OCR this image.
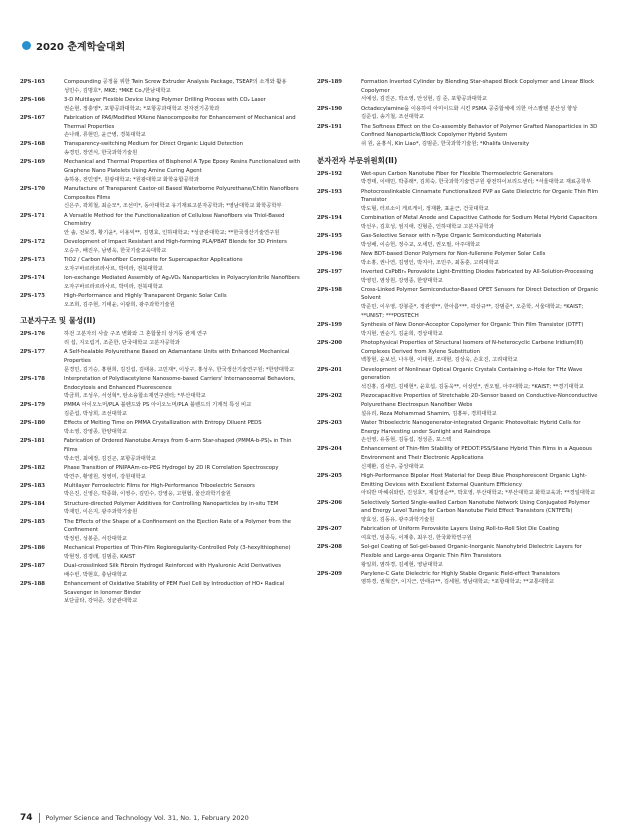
2020 춘계학술대회
2PS-165	Compounding 공정을 위한 Twin Screw Extruder Analysis Package, TSEAP의 소개와 활용
성민수, 김명호*, MKE; *MKE Co./한남대학교
2PS-166	3-D Multilayer Flexible Device Using Polymer Drilling Process with CO₂ Laser
권순현, 정충영*, 포항공과대학교; *포항공과대학교 전자전기공학과
2PS-167	Fabrication of PA6/Modified MXene Nanocomposite for Enhancement of Mechanical and Thermal Properties
손나래, 류현민, 윤근병, 경북대학교
2PS-168	Transparency-switching Medium for Direct Organic Liquid Detection
송경민, 장연식, 한국과학기술원
2PS-169	Mechanical and Thermal Properties of Bisphenol A Type Epoxy Resins Functionalized with Graphene Nano Platelets Using Amine Curing Agent
송하용, 전민영*, 원광대학교; *원광대학교 화학융합공학과
2PS-170	Manufacture of Transparent Castor-oil Based Waterborne Polyurethane/Chitin Nanofibers Composites Films
신은주, 곽희철, 최순모*, 조선미*, 동아대학교 유기재료고분자공학과; *영남대학교 화학공학부
2PS-171	A Versatile Method for the Functionalization of Cellulose Nanofibers via Thiol-Based Chemistry
안 솔, 전보경, 황기윤*, 이용익**, 김명효, 인하대학교; *성균관대학교; **한국생산기술연구원
2PS-172	Development of Impact Resistant and High-forming PLA/PBAT Blends for 3D Printers
오승주, 배진우, 남병욱, 한국기술교육대학교
2PS-173	TiO2 / Carbon Nanofiber Composite for Supercapacitor Applications
오자구바르라르라사르, 박미라, 전북대학교
2PS-174	Ion-exchange Mediated Assembly of Ag₃VO₄ Nanoparticles in Polyacrylonitrile Nanofibers
오자구바르라르라사르, 박미라, 전북대학교
2PS-175	High-Performance and Highly Transparent Organic Solar Cells
오조희, 김주현, 기태윤, 이광희, 광주과학기술원
고분자구조 및 물성(II)
2PS-176	하전 고분자의 사슬 구조 변화와 그 혼합물의 상거동 관계 연구
리 섭, 지오림거, 조준한, 단국대학교 고분자공학과
2PS-177	A Self-healable Polyurethane Based on Adamantane Units with Enhanced Mechanical Properties
문경민, 김기승, 홍현희, 김진섭, 김태용, 고민재*, 이상구, 홍성우, 한국생산기술연구원; *한양대학교
2PS-178	Interpretation of Polydiacetylene Nanosome-based Carriers' Internanosomal Behaviors, Endocytosis and Enhanced Fluorescence
박금희, 조성우, 서성혁*, 탄소융합소재연구센터; *부산대학교
2PS-179	PMMA 아이오노머/PLA 블렌드와 PS 아이오노머/PLA 블렌드의 기계적 특성 비교
김준섭, 박성희, 조선대학교
2PS-180	Effects of Melting Time on PMMA Crystallization with Entropy Diluent PEDS
박소영, 강영종, 한양대학교
2PS-181	Fabrication of Ordered Nanotube Arrays from 6-arm Star-shaped (PMMA-b-PS)₆ in Thin Films
박소연, 최예정, 김진곤, 포항공과대학교
2PS-182	Phase Transition of PNIPAAm-co-PEG Hydrogel by 2D IR Correlation Spectroscopy
박연주, 황영원, 정영미, 강원대학교
2PS-183	Multilayer Ferroelectric Films for High-Performance Triboelectric Sensors
박은진, 신영은, 박종화, 이영수, 김민수, 강영웅, 고현협, 울산과학기술원
2PS-184	Structure-directed Polymer Additives for Controlling Nanoparticles by in-situ TEM
박재민, 이은지, 광주과학기술원
2PS-185	The Effects of the Shape of a Confinement on the Ejection Rate of a Polymer from the Confinement
박정빈, 성봉준, 서강대학교
2PS-186	Mechanical Properties of Thin-Film Regioregularity-Controlled Poly (3-hexylthiophene)
박현정, 김경래, 김범준, KAIST
2PS-187	Dual-crosslinked Silk Fibroin Hydrogel Reinforced with Hyaluronic Acid Derivatives
배수빈, 박현호, 충남대학교
2PS-188	Enhancement of Oxidative Stability of PEM Fuel Cell by Introduction of HO• Radical Scavenger in Ionomer Binder
보단굽타, 강덕준, 성균관대학교
2PS-189	Formation Inverted Cylinder by Blending Star-shaped Block Copolymer and Linear Block Copolymer
서예성, 김진곤, 박소영, 안성현, 김 준, 포항공과대학교
2PS-190	Octadecylamine을 이용하여 아미이드화 시킨 PSMA 공중합체에 의한 아스팔텐 분산성 향상
김준섭, 송기철, 조선대학교
2PS-191	The Softness Effect on the Co-assembly Behavior of Polymer Grafted Nanoparticles in 3D Confined Nanoparticle/Block Copolymer Hybrid System
쉬 원, 윤홍식, Kin Liao*, 김범준, 한국과학기술원; *Khalifa University
분자전자 부문위원회(II)
2PS-192	Wet-spun Carbon Nanotube Fiber for Flexible Thermoelectric Generators
박경태, 이태민, 박종래*, 김희숙, 한국과학기술연구원 광전하이브리드센터; *서울대학교 재료공학부
2PS-193	Photocrosslinkable Cinnamate Functionalized PVP as Gate Dielectric for Organic Thin Film Transistor
박도형, 터르소이 게르게이, 정재환, 표윤근, 건국대학교
2PS-194	Combination of Metal Anode and Capacitive Cathode for Sodium Metal Hybrid Capacitors
박선우, 김호성, 엄지애, 진형준, 인하대학교 고분자공학과
2PS-195	Gas-Selective Sensor with n-Type Organic Semiconducting Materials
박성배, 이승헌, 정수교, 오세민, 권오필, 아주대학교
2PS-196	New BDT-based Donor Polymers for Non-fullerene Polymer Solar Cells
박소홍, 권나연, 김영인, 박지아, 조민주, 최동훈, 고려대학교
2PS-197	Inverted CsPbBr₃ Perovskite Light-Emitting Diodes Fabricated by All-Solution-Processing
박영민, 염상원, 강영종, 한양대학교
2PS-198	Cross-Linked Polymer Semiconductor-Based OFET Sensors for Direct Detection of Organic Solvent
박준민, 이우영, 강봉준*, 정관영**, 한아름***, 곽상규**, 강범준*, 오준학, 서울대학교; *KAIST; **UNIST; ***POSTECH
2PS-199	Synthesis of New Donor-Acceptor Copolymer for Organic Thin Film Transistor (OTFT)
박지현, 권순기, 김윤희, 경상대학교
2PS-200	Photophysical Properties of Structural Isomers of N-heterocyclic Carbene Iridium(III) Complexes Derived from Xylene Substitution
백창현, 윤보선, 나우현, 이대현, 조대현, 김상욱, 손호진, 고려대학교
2PS-201	Development of Nonlinear Optical Organic Crystals Containing o-Hole for THz Wave generation
석진홍, 김세민, 김태현*, 윤호섭, 김동욱**, 이상민*, 권오필, 아주대학교; *KAIST; **경기대학교
2PS-202	Piezocapacitive Properties of Stretchable 2D-Sensor based on Conductive-Nonconductive Polyurethane Electrospun Nanofiber Webs
설유리, Reza Mohammad Shamim, 김홍두, 경희대학교
2PS-203	Water Triboelectric Nanogenerator-integrated Organic Photovoltaic Hybrid Cells for Energy Harvesting under Sunlight and Raindrops
손선영, 유동현, 김동섭, 정성준, 포스텍
2PS-204	Enhancement of Thin-film Stability of PEDOT:PSS/Silane Hybrid Thin Films in a Aqueous Environment and Their Electronic Applications
신재환, 김선주, 중앙대학교
2PS-205	High-Performance Bipolar Host Material for Deep Blue Phosphorescent Organic Light-Emitting Devices with Excellent External Quantum Efficiency
아티반 마헤쉬와란, 진성호*, 제갈영순**, 박호영, 부산대학교; *부산대학교 화학교육과; **경일대학교
2PS-206	Selectively Sorted Single-walled Carbon Nanotube Network Using Conjugated Polymer and Energy Level Tuning for Carbon Nanotube Field Effect Transistors (CNTFETs)
양효성, 김동유, 광주과학기술원
2PS-207	Fabrication of Uniform Perovskite Layers Using Roll-to-Roll Slot Die Coating
여효연, 임종득, 이재충, 최우진, 한국화학연구원
2PS-208	Sol-gel Coating of Sol-gel-based Organic-Inorganic Nanohybrid Dielectric Layers for Flexible and Large-area Organic Thin Film Transistors
왕일희, 염하경, 김세현, 영남대학교
2PS-209	Parylene-C Gate Dielectric for Highly Stable Organic Field-effect Transistors
염하경, 권혁진*, 이지근, 안태규**, 김세현, 영남대학교; *포항대학교; **교통대학교
74 Polymer Science and Technology Vol. 31, No. 1, February 2020
